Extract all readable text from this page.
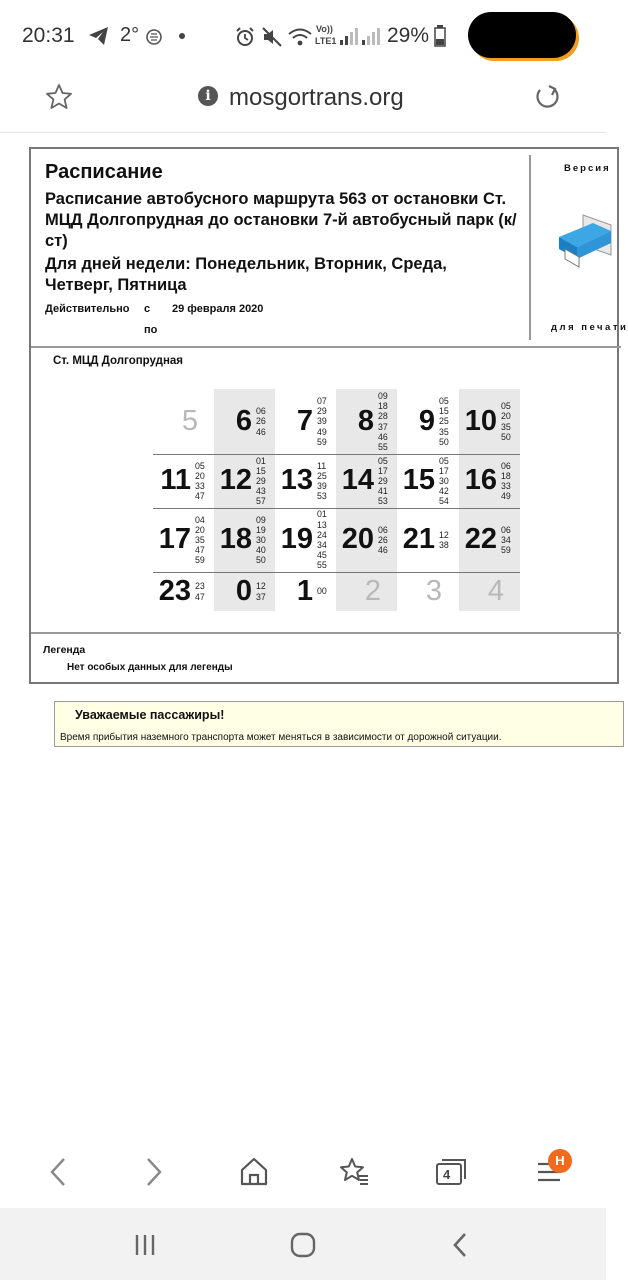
20:31 2°	Vo))
LTE1 29%
i mosgortrans.org
Расписание
Расписание автобусного маршрута 563 от остановки Ст. МЦД Долгопрудная до остановки 7-й автобусный парк (к/ст)
Для дней недели: Понедельник, Вторник, Среда, Четверг, Пятница
Действительно с 29 февраля 2020
по
Версия
для печати
Ст. МЦД Долгопрудная
5 6 06
26
46 7
07
29
39
49
59
8
09
18
28
37
46
55
9
05
15
25
35
50
10 05
20
35
50
11 05
20
33
47
12
01
15
29
43
57
13 11
25
39
53
14
05
17
29
41
53
15
05
17
30
42
54
16 06
18
33
49
17
04
20
35
47
59
18
09
19
30
40
50
19
01
13
24
34
45
55
20 06
26
46 21 12
38 22 06
34
59
23 23
47 0 12
37 1 00 2 3 4
Легенда
Нет особых данных для легенды
Уважаемые пассажиры!
Время прибытия наземного транспорта может меняться в зависимости от дорожной ситуации.
4
H
